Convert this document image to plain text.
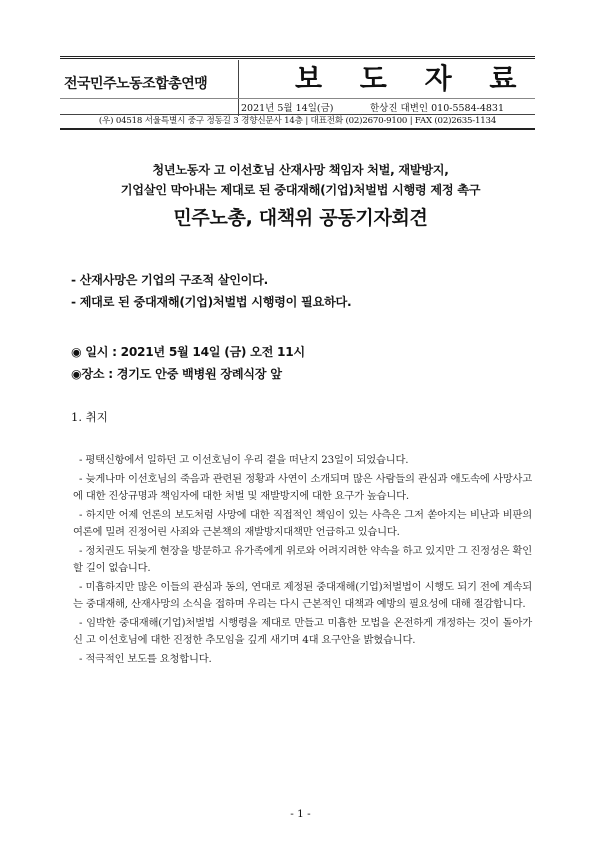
전국민주노동조합총연맹	보 도 자 료
2021년 5월 14일(금)	한상진 대변인 010-5584-4831
(우) 04518 서울특별시 중구 정동길 3 경향신문사 14층 | 대표전화 (02)2670-9100 | FAX (02)2635-1134
청년노동자 고 이선호님 산재사망 책임자 처벌, 재발방지,
기업살인 막아내는 제대로 된 중대재해(기업)처벌법 시행령 제정 촉구
민주노총, 대책위 공동기자회견
- 산재사망은 기업의 구조적 살인이다.
- 제대로 된 중대재해(기업)처벌법 시행령이 필요하다.
◉ 일시 : 2021년 5월 14일 (금) 오전 11시
◉장소 : 경기도 안중 백병원 장례식장 앞
1. 취지

- 평택신항에서 일하던 고 이선호님이 우리 곁을 떠난지 23일이 되었습니다.

- 늦게나마 이선호님의 죽음과 관련된 정황과 사연이 소개되며 많은 사람들의 관심과 애도속에 사망사고에 대한 진상규명과 책임자에 대한 처벌 및 재발방지에 대한 요구가 높습니다.

- 하지만 어제 언론의 보도처럼 사망에 대한 직접적인 책임이 있는 사측은 그저 쏟아지는 비난과 비판의 여론에 밀려 진정어린 사죄와 근본책의 재발방지대책만 언급하고 있습니다.

- 정치권도 뒤늦게 현장을 방문하고 유가족에게 위로와 어려지려한 약속을 하고 있지만 그 진정성은 확인할 길이 없습니다.

- 미흡하지만 많은 이들의 관심과 동의, 연대로 제정된 중대재해(기업)처벌법이 시행도 되기 전에 계속되는 중대재해, 산재사망의 소식을 접하며 우리는 다시 근본적인 대책과 예방의 필요성에 대해 절감합니다.

- 임박한 중대재해(기업)처벌법 시행령을 제대로 만들고 미흡한 모법을 온전하게 개정하는 것이 돌아가신 고 이선호님에 대한 진정한 추모임을 깊게 새기며 4대 요구안을 밝혔습니다.

- 적극적인 보도를 요청합니다.

- 1 -
